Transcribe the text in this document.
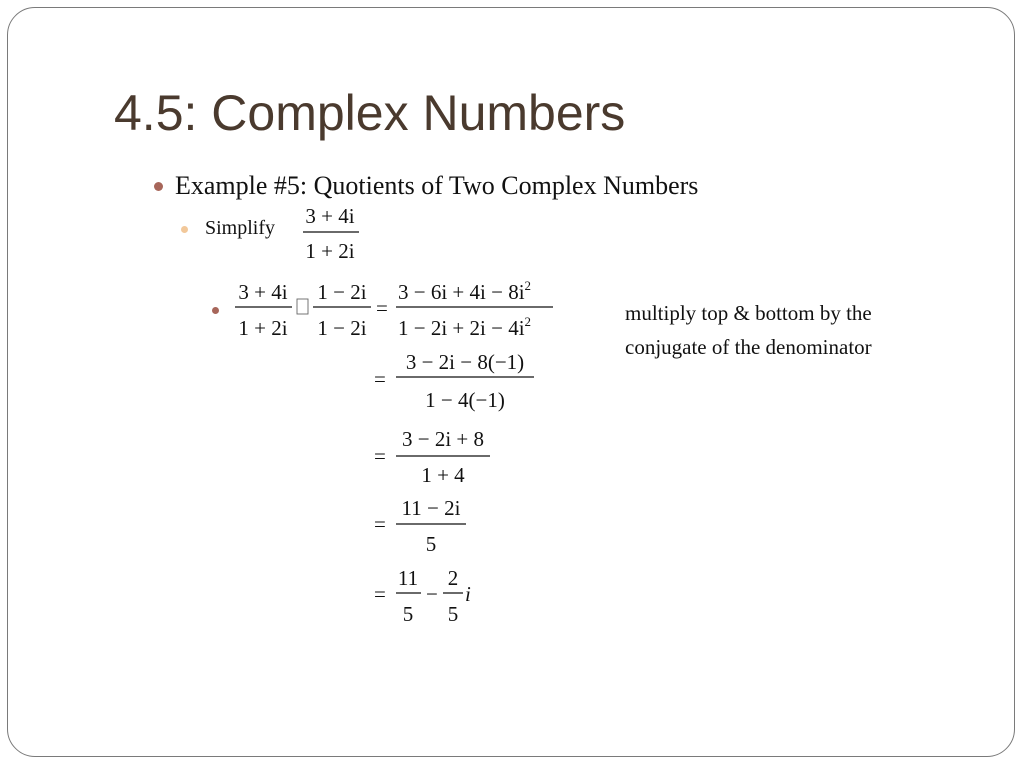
4.5: Complex Numbers
Example #5: Quotients of Two Complex Numbers
Simplify 3 + 4i
1 + 2i
3 + 4i
1 + 2i
1 − 2i
1 − 2i
=
$3 - 6i + 4i - 8i^2$
$1 - 2i + 2i - 4i^2$
=
3 − 2i − 8(−1)
1 − 4(−1)
=
3 − 2i + 8
1 + 4
=
11 − 2i
5
=
11
5
−
2
5
i
multiply top & bottom by the
conjugate of the denominator
